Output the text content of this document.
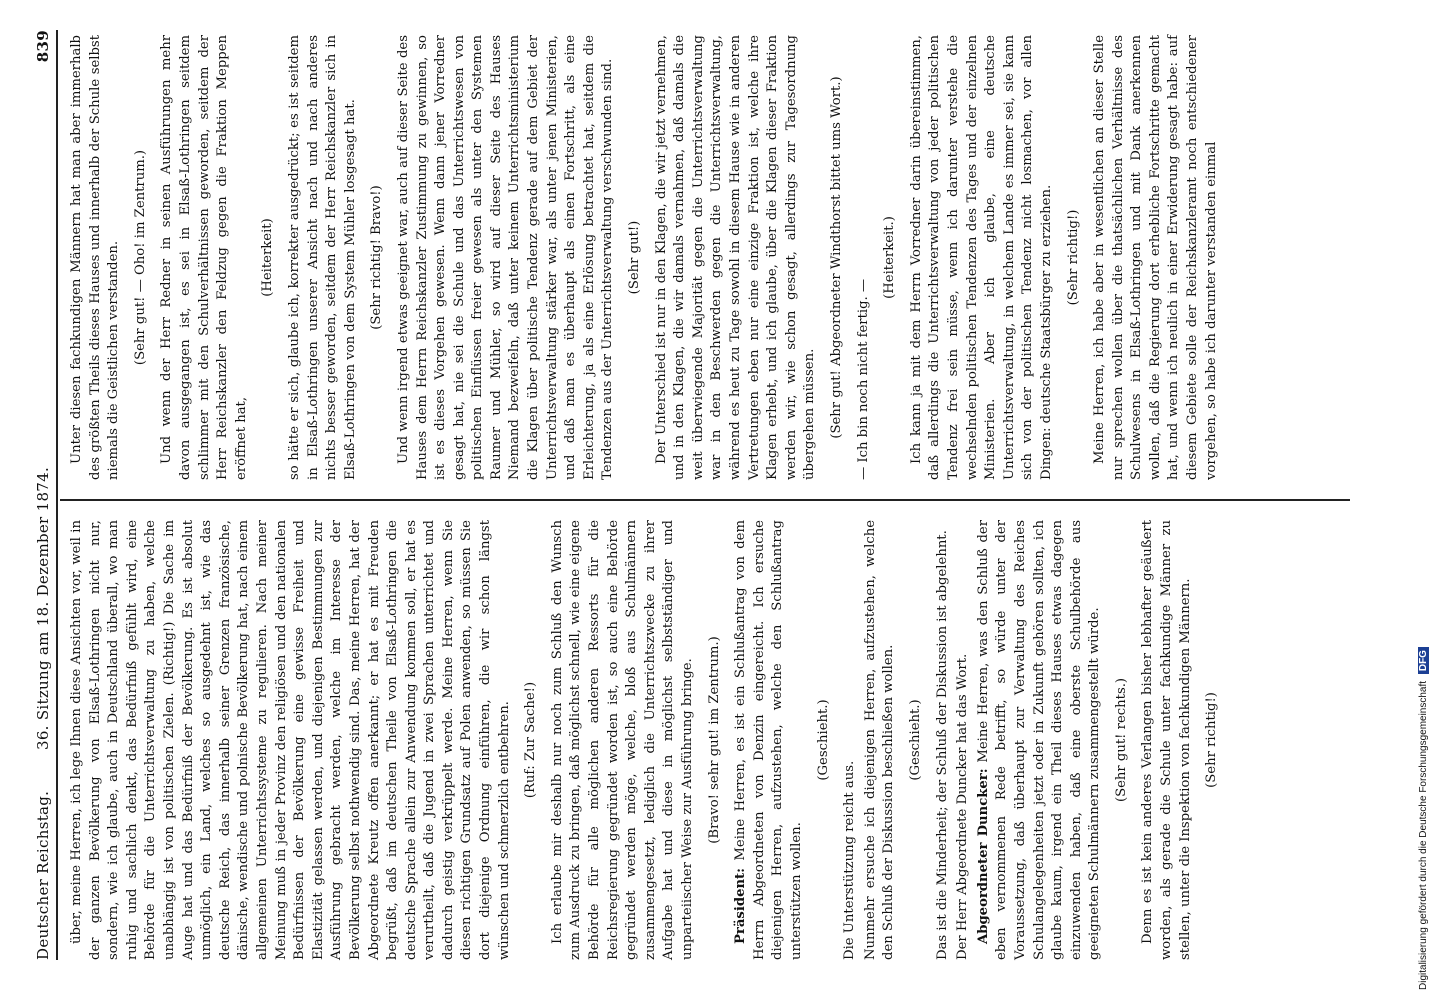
Deutscher Reichstag.
36. Sitzung am 18. Dezember 1874.
839

über, meine Herren, ich lege Ihnen diese Ansichten vor, weil in der ganzen Bevölkerung von Elsaß-Lothringen nicht nur, sondern, wie ich glaube, auch in Deutschland überall, wo man ruhig und sachlich denkt, das Bedürfniß gefühlt wird, eine Behörde für die Unterrichtsverwaltung zu haben, welche unabhängig ist von politischen Zielen. (Richtig!) Die Sache im Auge hat und das Bedürfniß der Bevölkerung. Es ist absolut unmöglich, ein Land, welches so ausgedehnt ist, wie das deutsche Reich, das innerhalb seiner Grenzen französische, dänische, wendische und polnische Bevölkerung hat, nach einem allgemeinen Unterrichtssysteme zu regulieren. Nach meiner Meinung muß in jeder Provinz den religiösen und den nationalen Bedürfnissen der Bevölkerung eine gewisse Freiheit und Elastizität gelassen werden, und diejenigen Bestimmungen zur Ausführung gebracht werden, welche im Interesse der Bevölkerung selbst nothwendig sind. Das, meine Herren, hat der Abgeordnete Kreutz offen anerkannt; er hat es mit Freuden begrüßt, daß im deutschen Theile von Elsaß-Lothringen die deutsche Sprache allein zur Anwendung kommen soll, er hat es verurtheilt, daß die Jugend in zwei Sprachen unterrichtet und dadurch geistig verkrüppelt werde. Meine Herren, wenn Sie diesen richtigen Grundsatz auf Polen anwenden, so müssen Sie dort diejenige Ordnung einführen, die wir schon längst wünschen und schmerzlich entbehren. (Ruf: Zur Sache!) Ich erlaube mir deshalb nur noch zum Schluß den Wunsch zum Ausdruck zu bringen, daß möglichst schnell, wie eine eigene Behörde für alle möglichen anderen Ressorts für die Reichsregierung gegründet worden ist, so auch eine Behörde gegründet werden möge, welche, bloß aus Schulmännern zusammengesetzt, lediglich die Unterrichtszwecke zu ihrer Aufgabe hat und diese in möglichst selbstständiger und unparteiischer Weise zur Ausführung bringe. (Bravo! sehr gut! im Zentrum.)

Präsident: Meine Herren, es ist ein Schlußantrag von dem Herrn Abgeordneten von Denzin eingereicht. Ich ersuche diejenigen Herren, aufzustehen, welche den Schlußantrag unterstützen wollen.

(Geschieht.)

Die Unterstützung reicht aus. Nunmehr ersuche ich diejenigen Herren, aufzustehen, welche den Schluß der Diskussion beschließen wollen. (Geschieht.) Das ist die Minderheit; der Schluß der Diskussion ist abgelehnt. Der Herr Abgeordnete Duncker hat das Wort. Abgeordneter Duncker: Meine Herren, was den Schluß der eben vernommenen Rede betrifft, so würde unter der Voraussetzung, daß überhaupt zur Verwaltung des Reiches Schulangelegenheiten jetzt oder in Zukunft gehören sollten, ich glaube kaum, irgend ein Theil dieses Hauses etwas dagegen einzuwenden haben, daß eine oberste Schulbehörde aus geeigneten Schulmännern zusammengestellt würde. (Sehr gut! rechts.) Denn es ist kein anderes Verlangen bisher lebhafter geäußert worden, als gerade die Schule unter fachkundige Männer zu stellen, unter die Inspektion von fachkundigen Männern. (Sehr richtig!)

Unter diesen fachkundigen Männern hat man aber immerhalb des größten Theils dieses Hauses und innerhalb der Schule selbst niemals die Geistlichen verstanden. (Sehr gut! — Oho! im Zentrum.) Und wenn der Herr Redner in seinen Ausführungen mehr davon ausgegangen ist, es sei in Elsaß-Lothringen seitdem schlimmer mit den Schulverhältnissen geworden, seitdem der Herr Reichskanzler den Feldzug gegen die Fraktion Meppen eröffnet hat,

(Heiterkeit) so hätte er sich, glaube ich, korrekter ausgedrückt; es ist seitdem in Elsaß-Lothringen unserer Ansicht nach und nach anderes nichts besser geworden, seitdem der Herr Reichskanzler sich in Elsaß-Lothringen von dem System Mühler losgesagt hat. (Sehr richtig! Bravo!) Und wenn irgend etwas geeignet war, auch auf dieser Seite des Hauses dem Herrn Reichskanzler Zustimmung zu gewinnen, so ist es dieses Vorgehen gewesen. Wenn dann jener Vorredner gesagt hat, nie sei die Schule und das Unterrichtswesen von politischen Einflüssen freier gewesen als unter den Systemen Raumer und Mühler, so wird auf dieser Seite des Hauses Niemand bezweifeln, daß unter keinem Unterrichtsministerium die Klagen über politische Tendenz gerade auf dem Gebiet der Unterrichtsverwaltung stärker war, als unter jenen Ministerien, und daß man es überhaupt als einen Fortschritt, als eine Erleichterung, ja als eine Erlösung betrachtet hat, seitdem die Tendenzen aus der Unterrichtsverwaltung verschwunden sind. (Sehr gut!) Der Unterschied ist nur in den Klagen, die wir jetzt vernehmen, und in den Klagen, die wir damals vernahmen, daß damals die weit überwiegende Majorität gegen die Unterrichtsverwaltung war in den Beschwerden gegen die Unterrichtsverwaltung, während es heut zu Tage sowohl in diesem Hause wie in anderen Vertretungen eben nur eine einzige Fraktion ist, welche ihre Klagen erhebt, und ich glaube, über die Klagen dieser Fraktion werden wir, wie schon gesagt, allerdings zur Tagesordnung übergehen müssen. (Sehr gut! Abgeordneter Windthorst bittet ums Wort.) — Ich bin noch nicht fertig. —

(Heiterkeit.) Ich kann ja mit dem Herrn Vorredner darin übereinstimmen, daß allerdings die Unterrichtsverwaltung von jeder politischen Tendenz frei sein müsse, wenn ich darunter verstehe die wechselnden politischen Tendenzen des Tages und der einzelnen Ministerien. Aber ich glaube, eine deutsche Unterrichtsverwaltung, in welchem Lande es immer sei, sie kann sich von der politischen Tendenz nicht losmachen, vor allen Dingen: deutsche Staatsbürger zu erziehen. (Sehr richtig!) Meine Herren, ich habe aber in wesentlichen an dieser Stelle nur sprechen wollen über die thatsächlichen Verhältnisse des Schulwesens in Elsaß-Lothringen und mit Dank anerkennen wollen, daß die Regierung dort erhebliche Fortschritte gemacht hat, und wenn ich neulich in einer Erwiderung gesagt habe: auf diesem Gebiete solle der Reichskanzleramt noch entschiedener vorgehen, so habe ich darunter verstanden einmal

Digitalisierung gefördert durch die Deutsche Forschungsgemeinschaft DFG
